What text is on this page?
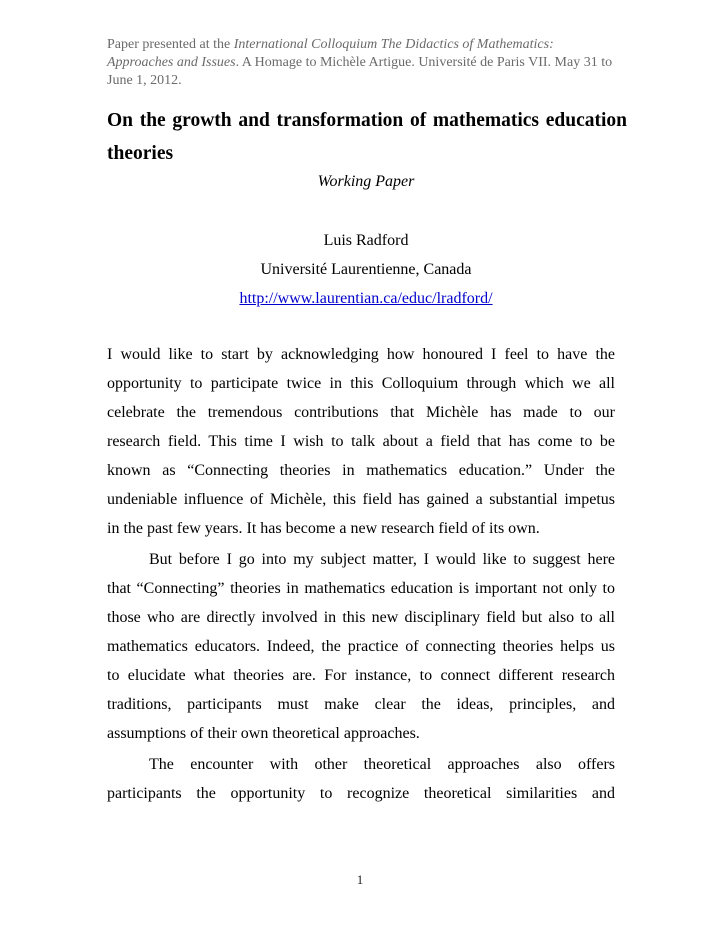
Paper presented at the International Colloquium The Didactics of Mathematics: Approaches and Issues. A Homage to Michèle Artigue. Université de Paris VII. May 31 to June 1, 2012.
On the growth and transformation of mathematics education
theories
Working Paper
Luis Radford
Université Laurentienne, Canada
http://www.laurentian.ca/educ/lradford/
I would like to start by acknowledging how honoured I feel to have the
opportunity to participate twice in this Colloquium through which we all
celebrate the tremendous contributions that Michèle has made to our
research field. This time I wish to talk about a field that has come to be
known as “Connecting theories in mathematics education.” Under the
undeniable influence of Michèle, this field has gained a substantial impetus
in the past few years. It has become a new research field of its own.
But before I go into my subject matter, I would like to suggest here
that “Connecting” theories in mathematics education is important not only to
those who are directly involved in this new disciplinary field but also to all
mathematics educators. Indeed, the practice of connecting theories helps us
to elucidate what theories are. For instance, to connect different research
traditions, participants must make clear the ideas, principles, and
assumptions of their own theoretical approaches.
The encounter with other theoretical approaches also offers
participants the opportunity to recognize theoretical similarities and
1
